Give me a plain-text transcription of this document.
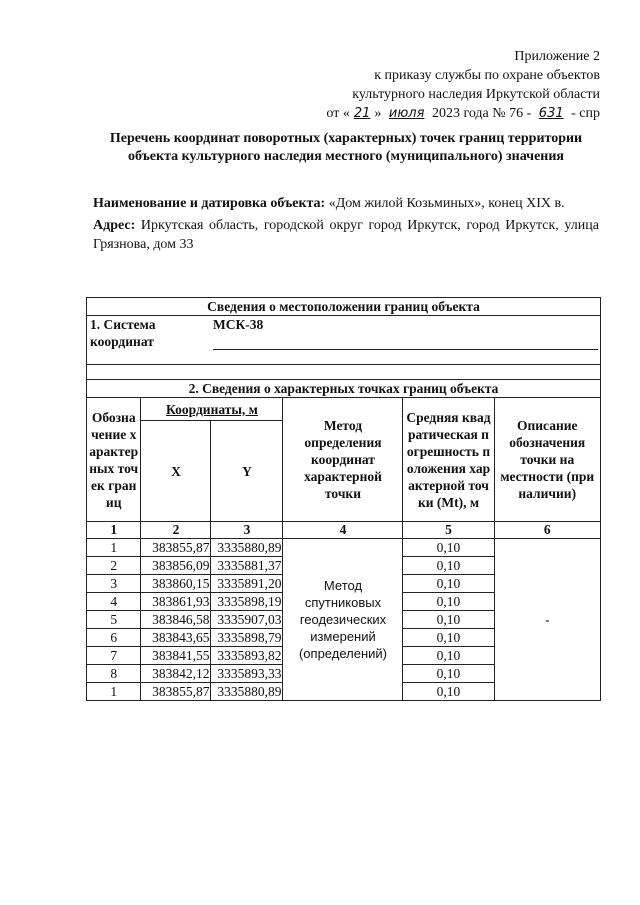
Приложение 2
к приказу службы по охране объектов
культурного наследия Иркутской области
от « 21 » июля 2023 года № 76 - 631 - спр
Перечень координат поворотных (характерных) точек границ территории объекта культурного наследия местного (муниципального) значения

Наименование и датировка объекта: «Дом жилой Козьминых», конец XIX в.

Адрес: Иркутская область, городской округ город Иркутск, город Иркутск, улица Грязнова, дом 33

Сведения о местоположении границ объекта					
1. Система координат		МСК-38			

2. Сведения о характерных точках границ объекта					
Обозначение характерных точек границ	Координаты, м		Метод определения координат характерной точки	Средняя квадратическая погрешность положения характерной точки (Mt), м	Описание обозначения точки на местности (при наличии)
	X	Y			
1	2	3	4	5	6
1	383855,87	3335880,89	Метод спутниковых геодезических измерений (определений)	0,10	-
2	383856,09	3335881,37		0,10	
3	383860,15	3335891,20		0,10	
4	383861,93	3335898,19		0,10	
5	383846,58	3335907,03		0,10	
6	383843,65	3335898,79		0,10	
7	383841,55	3335893,82		0,10	
8	383842,12	3335893,33		0,10	
1	383855,87	3335880,89		0,10	
